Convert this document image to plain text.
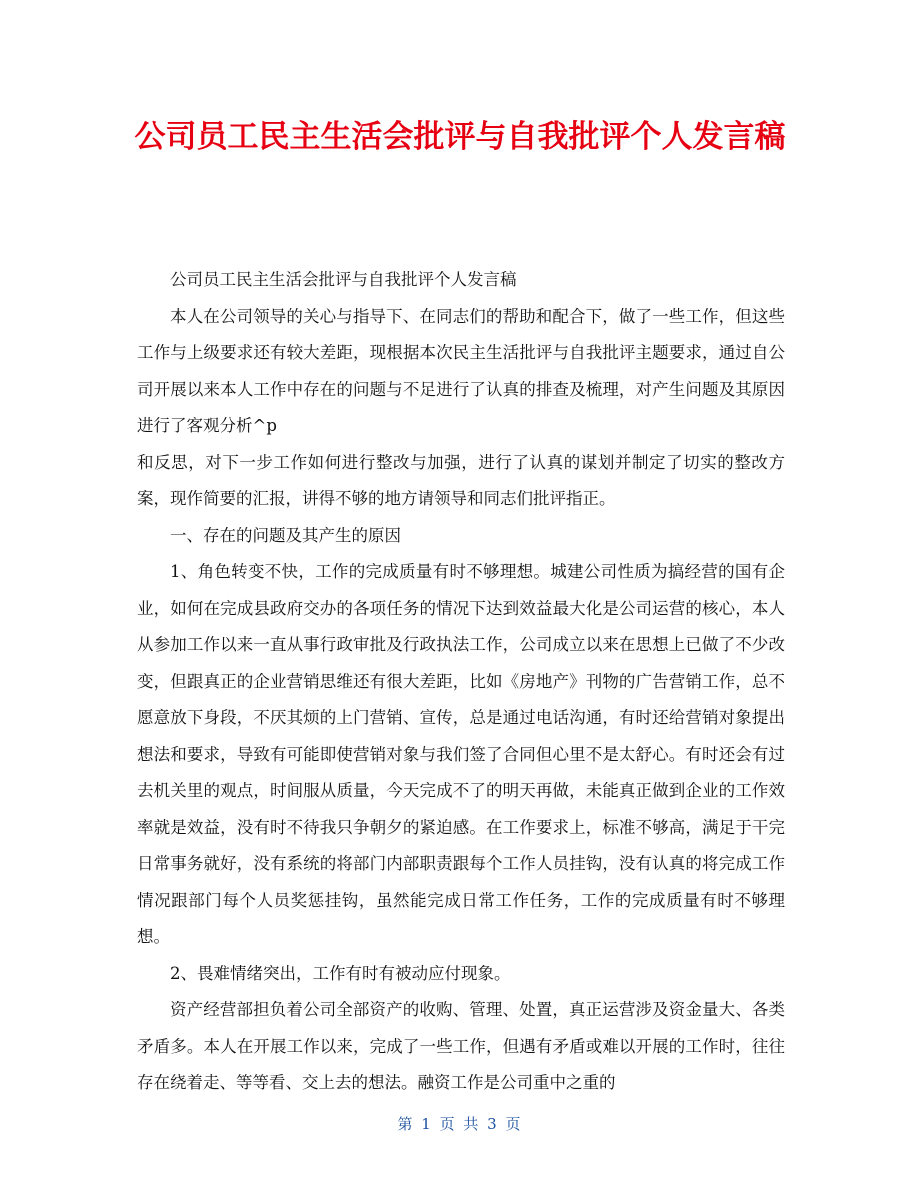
公司员工民主生活会批评与自我批评个人发言稿

公司员工民主生活会批评与自我批评个人发言稿

本人在公司领导的关心与指导下、在同志们的帮助和配合下，做了一些工作，但这些工作与上级要求还有较大差距，现根据本次民主生活批评与自我批评主题要求，通过自公司开展以来本人工作中存在的问题与不足进行了认真的排查及梳理，对产生问题及其原因进行了客观分析^p

和反思，对下一步工作如何进行整改与加强，进行了认真的谋划并制定了切实的整改方案，现作简要的汇报，讲得不够的地方请领导和同志们批评指正。

一、存在的问题及其产生的原因

1、角色转变不快，工作的完成质量有时不够理想。城建公司性质为搞经营的国有企业，如何在完成县政府交办的各项任务的情况下达到效益最大化是公司运营的核心，本人从参加工作以来一直从事行政审批及行政执法工作，公司成立以来在思想上已做了不少改变，但跟真正的企业营销思维还有很大差距，比如《房地产》刊物的广告营销工作，总不愿意放下身段，不厌其烦的上门营销、宣传，总是通过电话沟通，有时还给营销对象提出想法和要求，导致有可能即使营销对象与我们签了合同但心里不是太舒心。有时还会有过去机关里的观点，时间服从质量，今天完成不了的明天再做，未能真正做到企业的工作效率就是效益，没有时不待我只争朝夕的紧迫感。在工作要求上，标准不够高，满足于干完日常事务就好，没有系统的将部门内部职责跟每个工作人员挂钩，没有认真的将完成工作情况跟部门每个人员奖惩挂钩，虽然能完成日常工作任务，工作的完成质量有时不够理想。

2、畏难情绪突出，工作有时有被动应付现象。

资产经营部担负着公司全部资产的收购、管理、处置，真正运营涉及资金量大、各类矛盾多。本人在开展工作以来，完成了一些工作，但遇有矛盾或难以开展的工作时，往往存在绕着走、等等看、交上去的想法。融资工作是公司重中之重的

第 1 页 共 3 页
